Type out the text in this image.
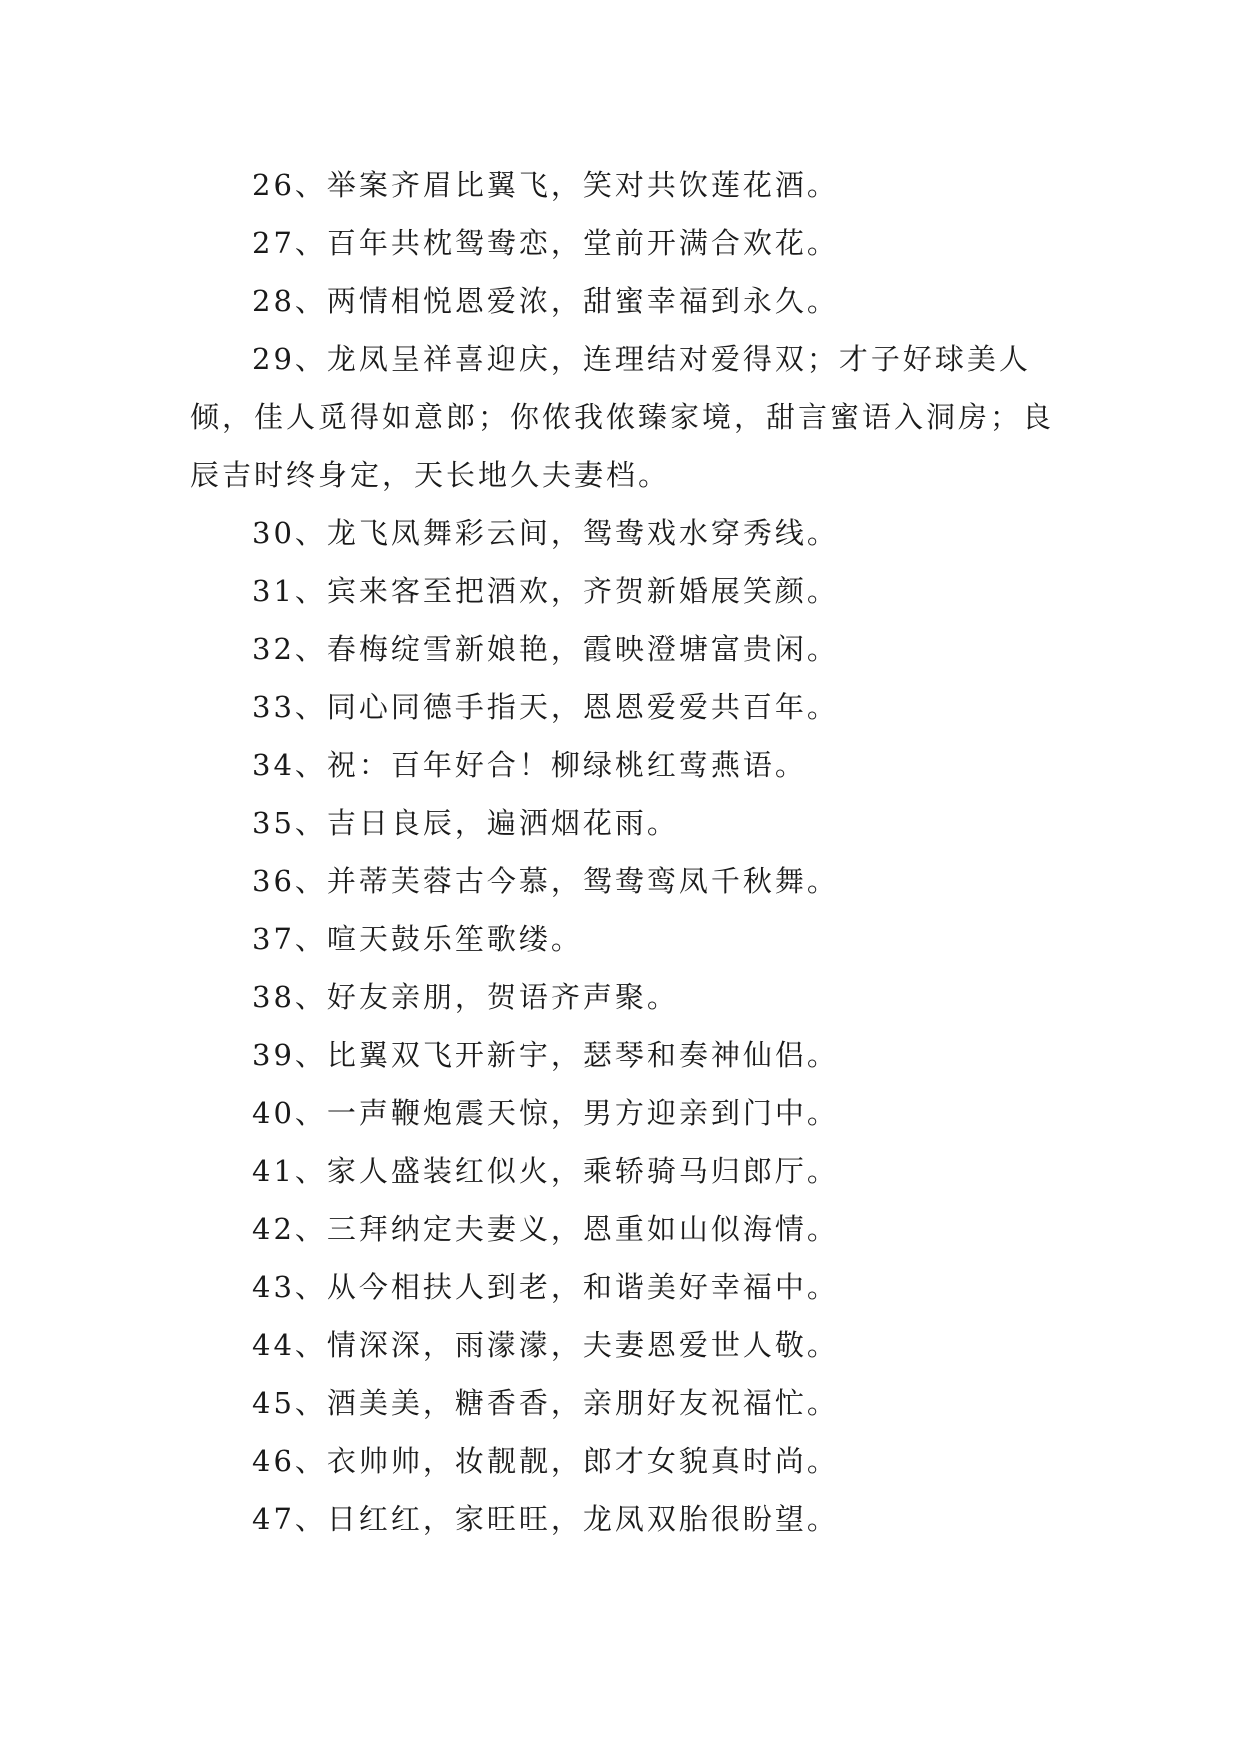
26、举案齐眉比翼飞，笑对共饮莲花酒。

27、百年共枕鸳鸯恋，堂前开满合欢花。

28、两情相悦恩爱浓，甜蜜幸福到永久。

29、龙凤呈祥喜迎庆，连理结对爱得双；才子好球美人倾，佳人觅得如意郎；你侬我侬臻家境，甜言蜜语入洞房；良辰吉时终身定，天长地久夫妻档。

30、龙飞凤舞彩云间，鸳鸯戏水穿秀线。

31、宾来客至把酒欢，齐贺新婚展笑颜。

32、春梅绽雪新娘艳，霞映澄塘富贵闲。

33、同心同德手指天，恩恩爱爱共百年。

34、祝：百年好合！柳绿桃红莺燕语。

35、吉日良辰，遍洒烟花雨。

36、并蒂芙蓉古今慕，鸳鸯鸾凤千秋舞。

37、喧天鼓乐笙歌缕。

38、好友亲朋，贺语齐声聚。

39、比翼双飞开新宇，瑟琴和奏神仙侣。

40、一声鞭炮震天惊，男方迎亲到门中。

41、家人盛装红似火，乘轿骑马归郎厅。

42、三拜纳定夫妻义，恩重如山似海情。

43、从今相扶人到老，和谐美好幸福中。

44、情深深，雨濛濛，夫妻恩爱世人敬。

45、酒美美，糖香香，亲朋好友祝福忙。

46、衣帅帅，妆靓靓，郎才女貌真时尚。

47、日红红，家旺旺，龙凤双胎很盼望。
